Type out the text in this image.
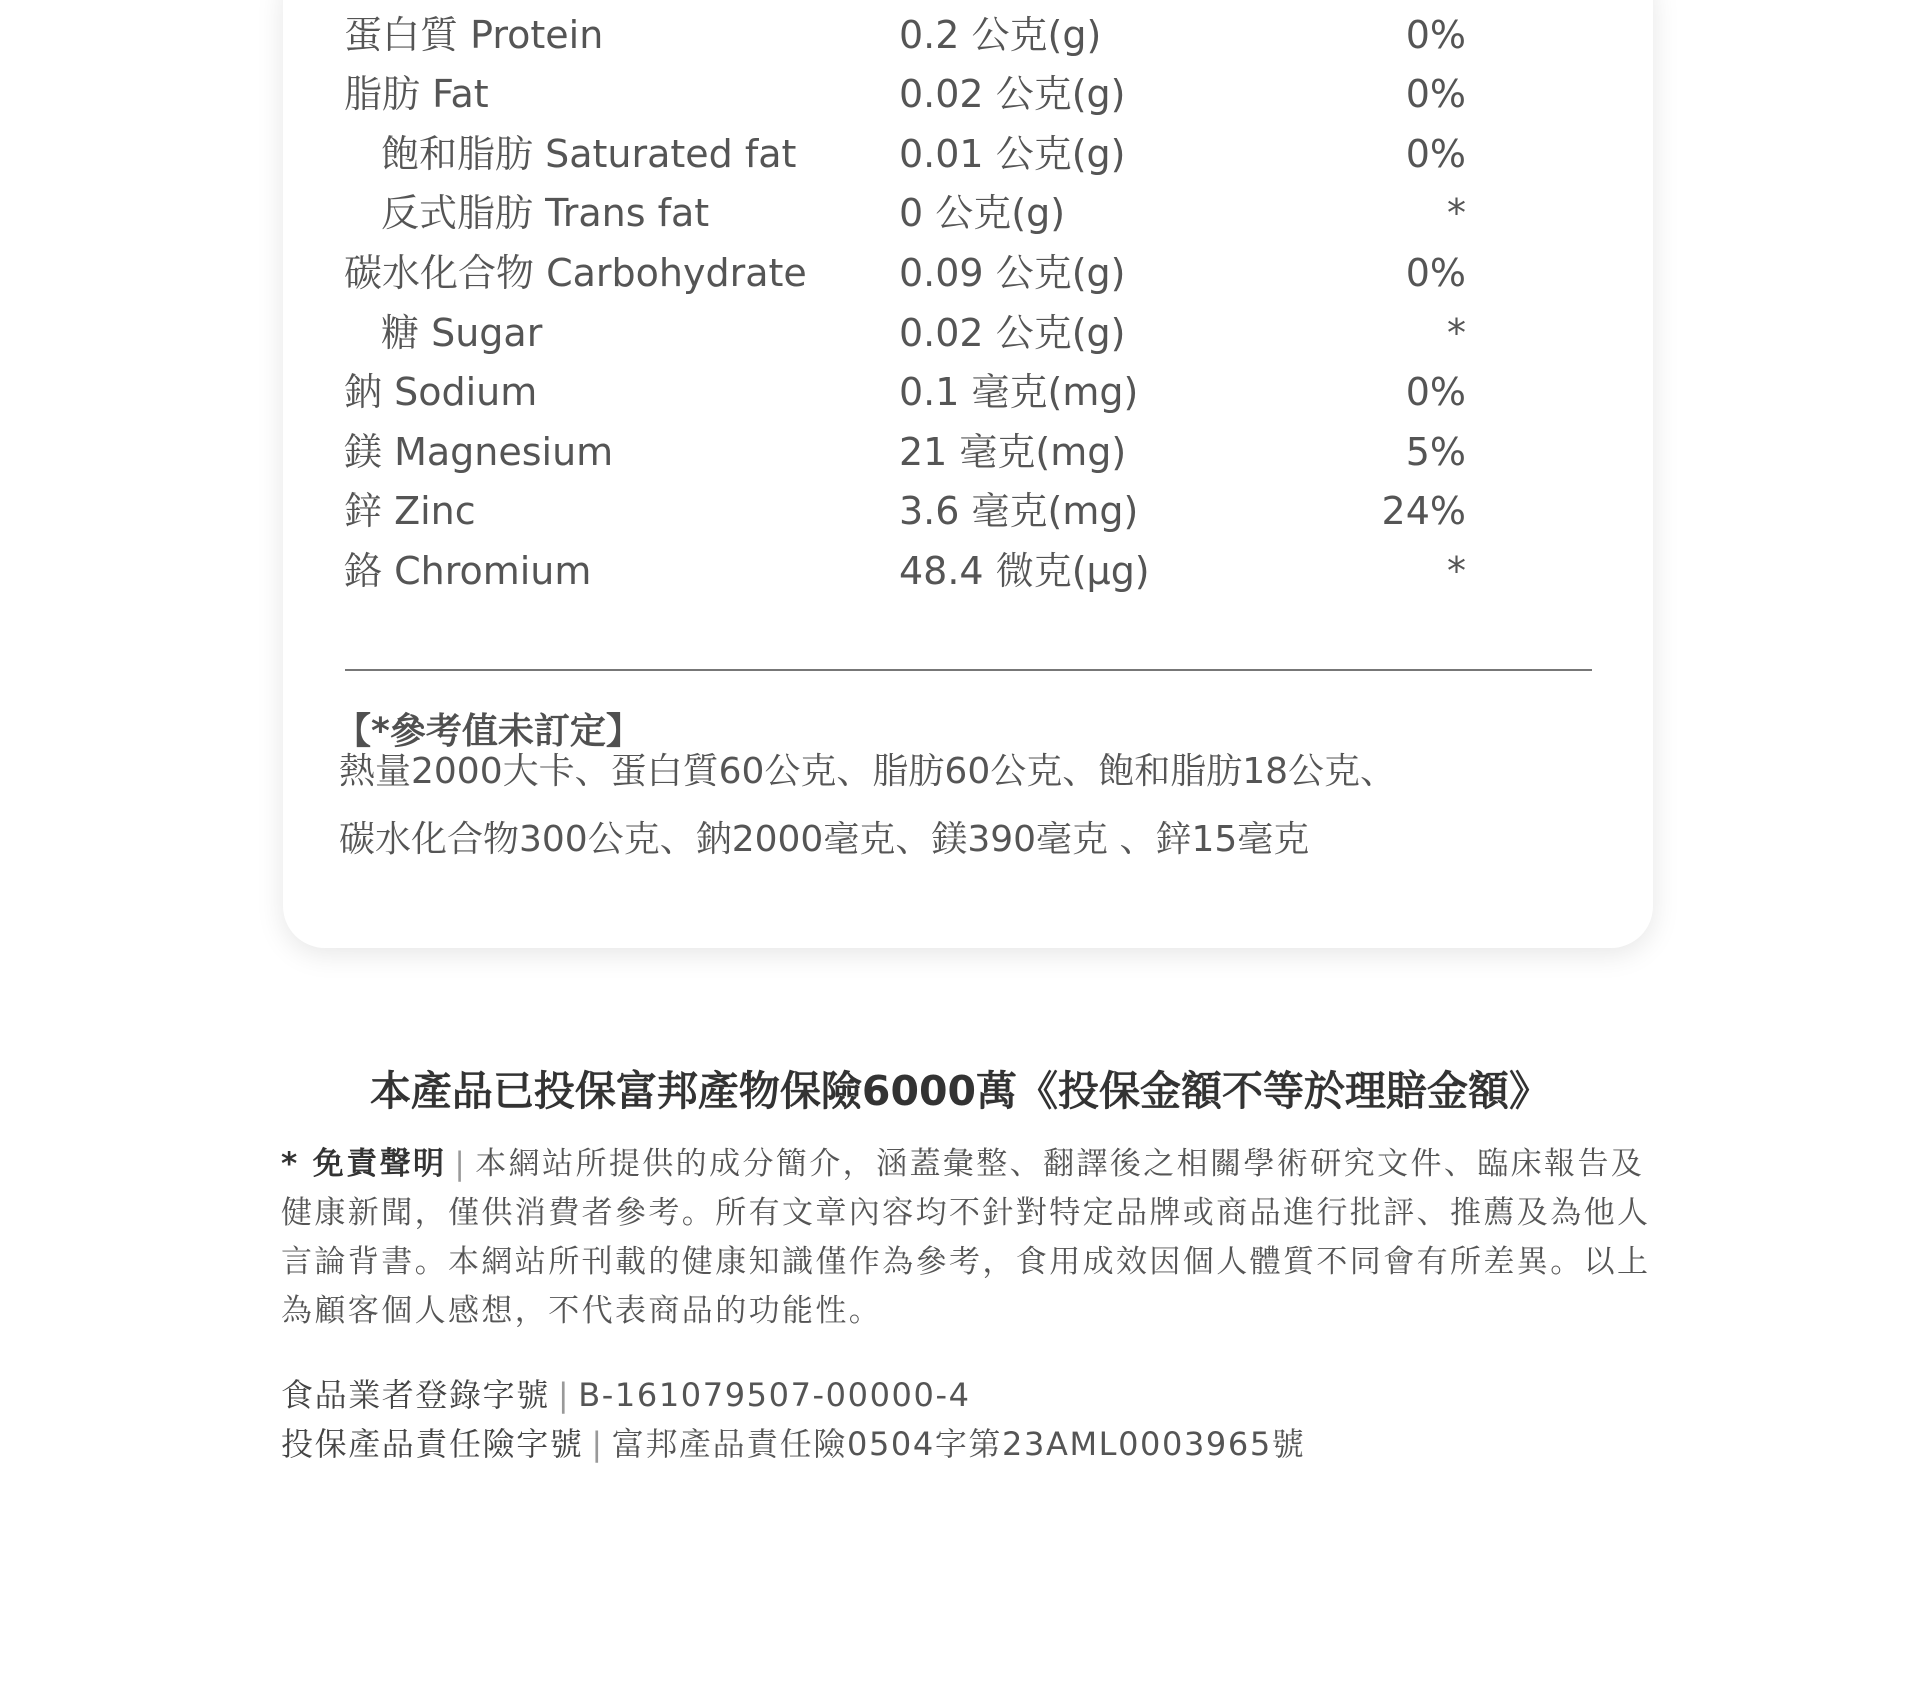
蛋白質 Protein	0.2 公克(g)	0%
脂肪 Fat	0.02 公克(g)	0%
飽和脂肪 Saturated fat	0.01 公克(g)	0%
反式脂肪 Trans fat	0 公克(g)	*
碳水化合物 Carbohydrate 0.09 公克(g)	0%
糖 Sugar	0.02 公克(g)	*
鈉 Sodium	0.1 毫克(mg)	0%
鎂 Magnesium	21 毫克(mg)	5%
鋅 Zinc	3.6 毫克(mg)	24%
鉻 Chromium	48.4 微克(μg)	*
【*參考值未訂定】
熱量2000大卡、蛋白質60公克、脂肪60公克、飽和脂肪18公克、
碳水化合物300公克、鈉2000毫克、鎂390毫克 、鋅15毫克
本產品已投保富邦產物保險6000萬《投保金額不等於理賠金額》
* 免責聲明 | 本網站所提供的成分簡介，涵蓋彙整、翻譯後之相關學術研究文件、臨床報告及健康新聞，僅供消費者參考。所有文章內容均不針對特定品牌或商品進行批評、推薦及為他人言論背書。本網站所刊載的健康知識僅作為參考，食用成效因個人體質不同會有所差異。以上為顧客個人感想，不代表商品的功能性。
食品業者登錄字號 | B-161079507-00000-4
投保產品責任險字號 | 富邦產品責任險0504字第23AML0003965號
